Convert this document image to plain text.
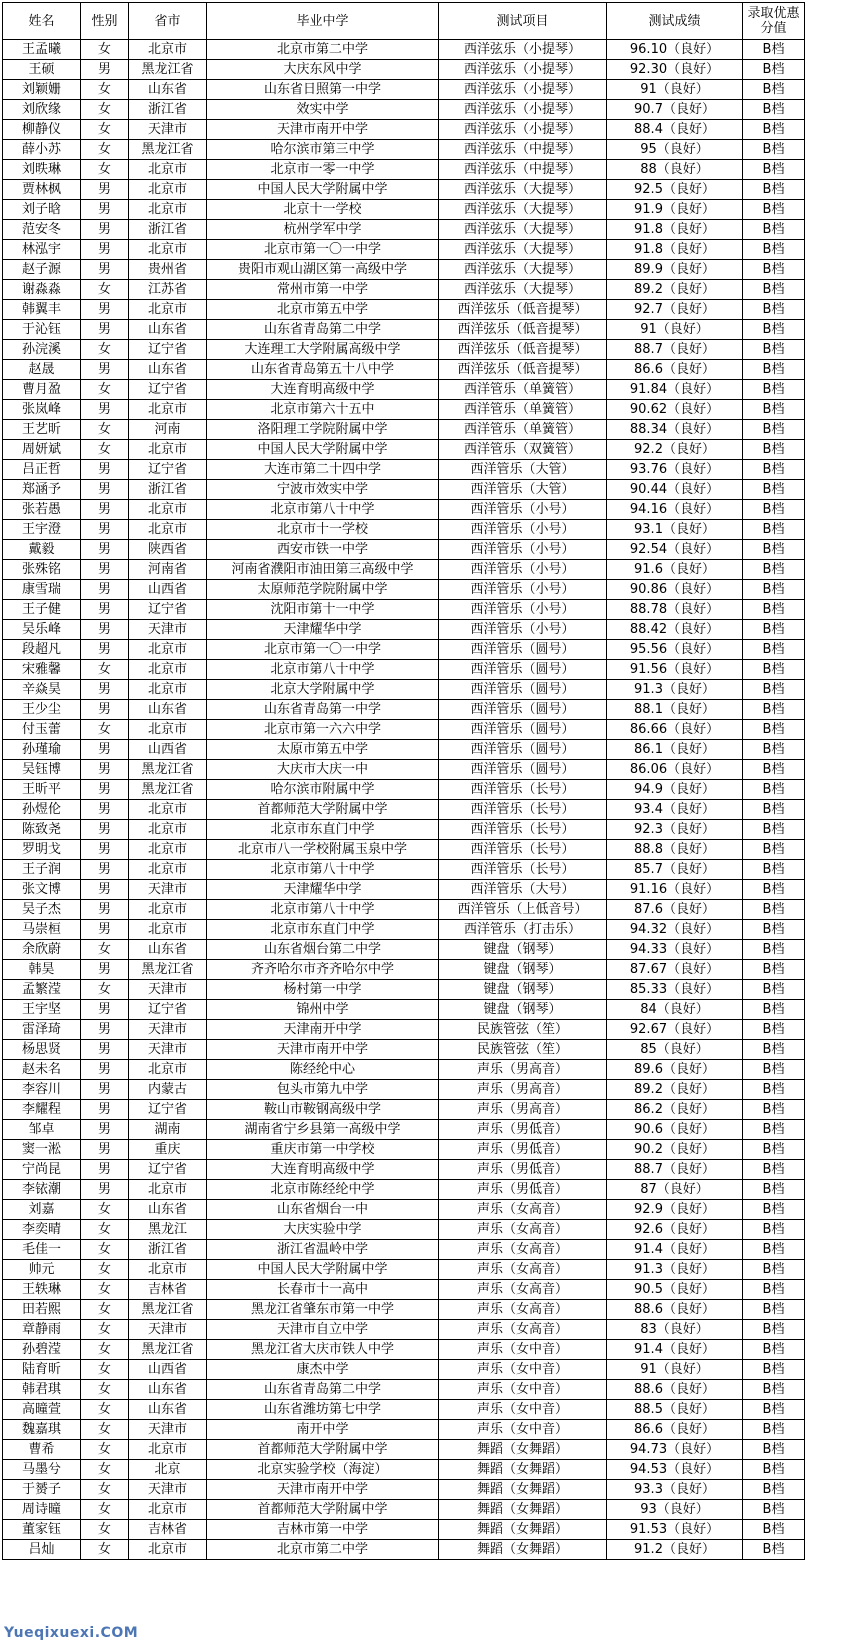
姓名	性别	省市	毕业中学	测试项目	测试成绩	录取优惠分值
王孟曦	女	北京市	北京市第二中学	西洋弦乐（小提琴）	96.10（良好）	B档
王硕	男	黑龙江省	大庆东风中学	西洋弦乐（小提琴）	92.30（良好）	B档
刘颖姗	女	山东省	山东省日照第一中学	西洋弦乐（小提琴）	91（良好）	B档
刘欣缘	女	浙江省	效实中学	西洋弦乐（小提琴）	90.7（良好）	B档
柳静仪	女	天津市	天津市南开中学	西洋弦乐（小提琴）	88.4（良好）	B档
薛小苏	女	黑龙江省	哈尔滨市第三中学	西洋弦乐（中提琴）	95（良好）	B档
刘昳琳	女	北京市	北京市一零一中学	西洋弦乐（中提琴）	88（良好）	B档
贾林枫	男	北京市	中国人民大学附属中学	西洋弦乐（大提琴）	92.5（良好）	B档
刘子晗	男	北京市	北京十一学校	西洋弦乐（大提琴）	91.9（良好）	B档
范安冬	男	浙江省	杭州学军中学	西洋弦乐（大提琴）	91.8（良好）	B档
林泓宇	男	北京市	北京市第一〇一中学	西洋弦乐（大提琴）	91.8（良好）	B档
赵子源	男	贵州省	贵阳市观山湖区第一高级中学	西洋弦乐（大提琴）	89.9（良好）	B档
谢淼淼	女	江苏省	常州市第一中学	西洋弦乐（大提琴）	89.2（良好）	B档
韩翼丰	男	北京市	北京市第五中学	西洋弦乐（低音提琴）	92.7（良好）	B档
于沁钰	男	山东省	山东省青岛第二中学	西洋弦乐（低音提琴）	91（良好）	B档
孙浣溪	女	辽宁省	大连理工大学附属高级中学	西洋弦乐（低音提琴）	88.7（良好）	B档
赵晟	男	山东省	山东省青岛第五十八中学	西洋弦乐（低音提琴）	86.6（良好）	B档
曹月盈	女	辽宁省	大连育明高级中学	西洋管乐（单簧管）	91.84（良好）	B档
张岚峰	男	北京市	北京市第六十五中	西洋管乐（单簧管）	90.62（良好）	B档
王艺昕	女	河南	洛阳理工学院附属中学	西洋管乐（单簧管）	88.34（良好）	B档
周妍斌	女	北京市	中国人民大学附属中学	西洋管乐（双簧管）	92.2（良好）	B档
吕正哲	男	辽宁省	大连市第二十四中学	西洋管乐（大管）	93.76（良好）	B档
郑涵予	男	浙江省	宁波市效实中学	西洋管乐（大管）	90.44（良好）	B档
张若愚	男	北京市	北京市第八十中学	西洋管乐（小号）	94.16（良好）	B档
王宇澄	男	北京市	北京市十一学校	西洋管乐（小号）	93.1（良好）	B档
戴毅	男	陕西省	西安市铁一中学	西洋管乐（小号）	92.54（良好）	B档
张殊铭	男	河南省	河南省濮阳市油田第三高级中学	西洋管乐（小号）	91.6（良好）	B档
康雪瑞	男	山西省	太原师范学院附属中学	西洋管乐（小号）	90.86（良好）	B档
王子健	男	辽宁省	沈阳市第十一中学	西洋管乐（小号）	88.78（良好）	B档
吴乐峰	男	天津市	天津耀华中学	西洋管乐（小号）	88.42（良好）	B档
段超凡	男	北京市	北京市第一〇一中学	西洋管乐（圆号）	95.56（良好）	B档
宋雅馨	女	北京市	北京市第八十中学	西洋管乐（圆号）	91.56（良好）	B档
辛焱昊	男	北京市	北京大学附属中学	西洋管乐（圆号）	91.3（良好）	B档
王少尘	男	山东省	山东省青岛第一中学	西洋管乐（圆号）	88.1（良好）	B档
付玉蕾	女	北京市	北京市第一六六中学	西洋管乐（圆号）	86.66（良好）	B档
孙瑾瑜	男	山西省	太原市第五中学	西洋管乐（圆号）	86.1（良好）	B档
吴钰博	男	黑龙江省	大庆市大庆一中	西洋管乐（圆号）	86.06（良好）	B档
王昕平	男	黑龙江省	哈尔滨市附属中学	西洋管乐（长号）	94.9（良好）	B档
孙煜伦	男	北京市	首都师范大学附属中学	西洋管乐（长号）	93.4（良好）	B档
陈致尧	男	北京市	北京市东直门中学	西洋管乐（长号）	92.3（良好）	B档
罗明戈	男	北京市	北京市八一学校附属玉泉中学	西洋管乐（长号）	88.8（良好）	B档
王子润	男	北京市	北京市第八十中学	西洋管乐（长号）	85.7（良好）	B档
张文博	男	天津市	天津耀华中学	西洋管乐（大号）	91.16（良好）	B档
吴子杰	男	北京市	北京市第八十中学	西洋管乐（上低音号）	87.6（良好）	B档
马崇桓	男	北京市	北京市东直门中学	西洋管乐（打击乐）	94.32（良好）	B档
余欣蔚	女	山东省	山东省烟台第二中学	键盘（钢琴）	94.33（良好）	B档
韩昊	男	黑龙江省	齐齐哈尔市齐齐哈尔中学	键盘（钢琴）	87.67（良好）	B档
孟繁滢	女	天津市	杨村第一中学	键盘（钢琴）	85.33（良好）	B档
王宇坚	男	辽宁省	锦州中学	键盘（钢琴）	84（良好）	B档
雷泽琦	男	天津市	天津南开中学	民族管弦（笙）	92.67（良好）	B档
杨思贤	男	天津市	天津市南开中学	民族管弦（笙）	85（良好）	B档
赵未名	男	北京市	陈经纶中心	声乐（男高音）	89.6（良好）	B档
李容川	男	内蒙古	包头市第九中学	声乐（男高音）	89.2（良好）	B档
李耀程	男	辽宁省	鞍山市鞍钢高级中学	声乐（男高音）	86.2（良好）	B档
邹卓	男	湖南	湖南省宁乡县第一高级中学	声乐（男低音）	90.6（良好）	B档
窦一淞	男	重庆	重庆市第一中学校	声乐（男低音）	90.2（良好）	B档
宁尚昆	男	辽宁省	大连育明高级中学	声乐（男低音）	88.7（良好）	B档
李铱潮	男	北京市	北京市陈经纶中学	声乐（男低音）	87（良好）	B档
刘嘉	女	山东省	山东省烟台一中	声乐（女高音）	92.9（良好）	B档
李奕晴	女	黑龙江	大庆实验中学	声乐（女高音）	92.6（良好）	B档
毛佳一	女	浙江省	浙江省温岭中学	声乐（女高音）	91.4（良好）	B档
帅元	女	北京市	中国人民大学附属中学	声乐（女高音）	91.3（良好）	B档
王轶琳	女	吉林省	长春市十一高中	声乐（女高音）	90.5（良好）	B档
田若熙	女	黑龙江省	黑龙江省肇东市第一中学	声乐（女高音）	88.6（良好）	B档
章静雨	女	天津市	天津市自立中学	声乐（女高音）	83（良好）	B档
孙碧滢	女	黑龙江省	黑龙江省大庆市铁人中学	声乐（女中音）	91.4（良好）	B档
陆育昕	女	山西省	康杰中学	声乐（女中音）	91（良好）	B档
韩君琪	女	山东省	山东省青岛第二中学	声乐（女中音）	88.6（良好）	B档
高曈萱	女	山东省	山东省潍坊第七中学	声乐（女中音）	88.5（良好）	B档
魏嘉琪	女	天津市	南开中学	声乐（女中音）	86.6（良好）	B档
曹希	女	北京市	首都师范大学附属中学	舞蹈（女舞蹈）	94.73（良好）	B档
马墨兮	女	北京	北京实验学校（海淀）	舞蹈（女舞蹈）	94.53（良好）	B档
于赟子	女	天津市	天津市南开中学	舞蹈（女舞蹈）	93.3（良好）	B档
周诗曈	女	北京市	首都师范大学附属中学	舞蹈（女舞蹈）	93（良好）	B档
董家钰	女	吉林省	吉林市第一中学	舞蹈（女舞蹈）	91.53（良好）	B档
吕灿	女	北京市	北京市第二中学	舞蹈（女舞蹈）	91.2（良好）	B档
Yueqixuexi.COM
